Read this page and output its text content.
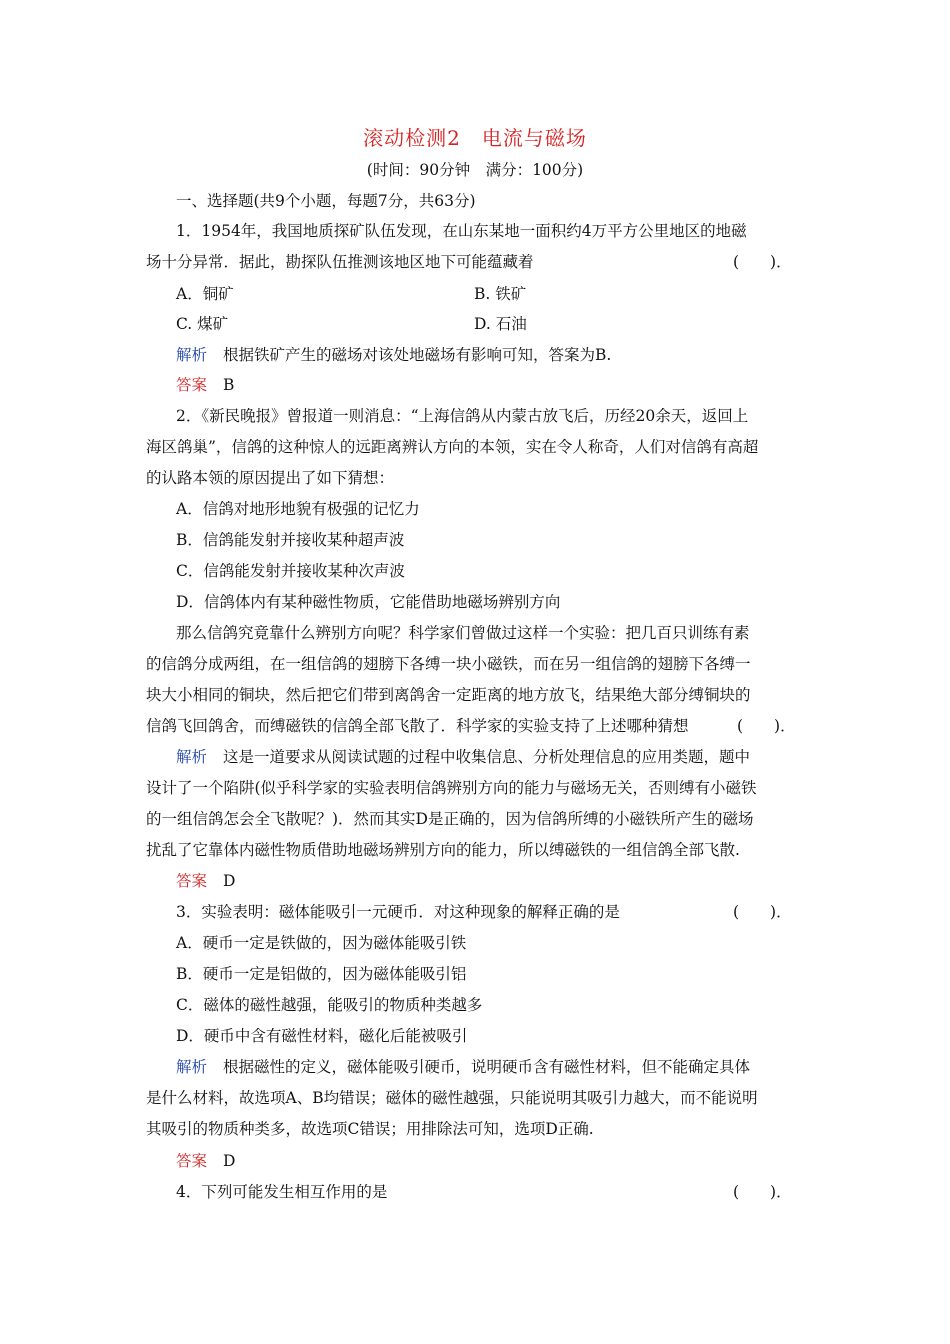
滚动检测2　电流与磁场
(时间：90分钟　满分：100分)
一、选择题(共9个小题，每题7分，共63分)
1．1954年，我国地质探矿队伍发现，在山东某地一面积约4万平方公里地区的地磁
场十分异常．据此，勘探队伍推测该地区地下可能蕴藏着	(　　)．
A．铜矿	B. 铁矿
C. 煤矿	D. 石油
解析 根据铁矿产生的磁场对该处地磁场有影响可知，答案为B.
答案 B
2．《新民晚报》曾报道一则消息：“上海信鸽从内蒙古放飞后，历经20余天，返回上
海区鸽巢”，信鸽的这种惊人的远距离辨认方向的本领，实在令人称奇，人们对信鸽有高超
的认路本领的原因提出了如下猜想：
A．信鸽对地形地貌有极强的记忆力
B．信鸽能发射并接收某种超声波
C．信鸽能发射并接收某种次声波
D．信鸽体内有某种磁性物质，它能借助地磁场辨别方向
那么信鸽究竟靠什么辨别方向呢？科学家们曾做过这样一个实验：把几百只训练有素
的信鸽分成两组，在一组信鸽的翅膀下各缚一块小磁铁，而在另一组信鸽的翅膀下各缚一
块大小相同的铜块，然后把它们带到离鸽舍一定距离的地方放飞，结果绝大部分缚铜块的
信鸽飞回鸽舍，而缚磁铁的信鸽全部飞散了．科学家的实验支持了上述哪种猜想	(　　)．
解析 这是一道要求从阅读试题的过程中收集信息、分析处理信息的应用类题，题中
设计了一个陷阱(似乎科学家的实验表明信鸽辨别方向的能力与磁场无关，否则缚有小磁铁
的一组信鸽怎会全飞散呢？)．然而其实D是正确的，因为信鸽所缚的小磁铁所产生的磁场
扰乱了它靠体内磁性物质借助地磁场辨别方向的能力，所以缚磁铁的一组信鸽全部飞散.
答案 D
3．实验表明：磁体能吸引一元硬币．对这种现象的解释正确的是	(　　)．
A．硬币一定是铁做的，因为磁体能吸引铁
B．硬币一定是铝做的，因为磁体能吸引铝
C．磁体的磁性越强，能吸引的物质种类越多
D．硬币中含有磁性材料，磁化后能被吸引
解析 根据磁性的定义，磁体能吸引硬币，说明硬币含有磁性材料，但不能确定具体
是什么材料，故选项A、B均错误；磁体的磁性越强，只能说明其吸引力越大，而不能说明
其吸引的物质种类多，故选项C错误；用排除法可知，选项D正确.
答案 D
4．下列可能发生相互作用的是	(　　)．
